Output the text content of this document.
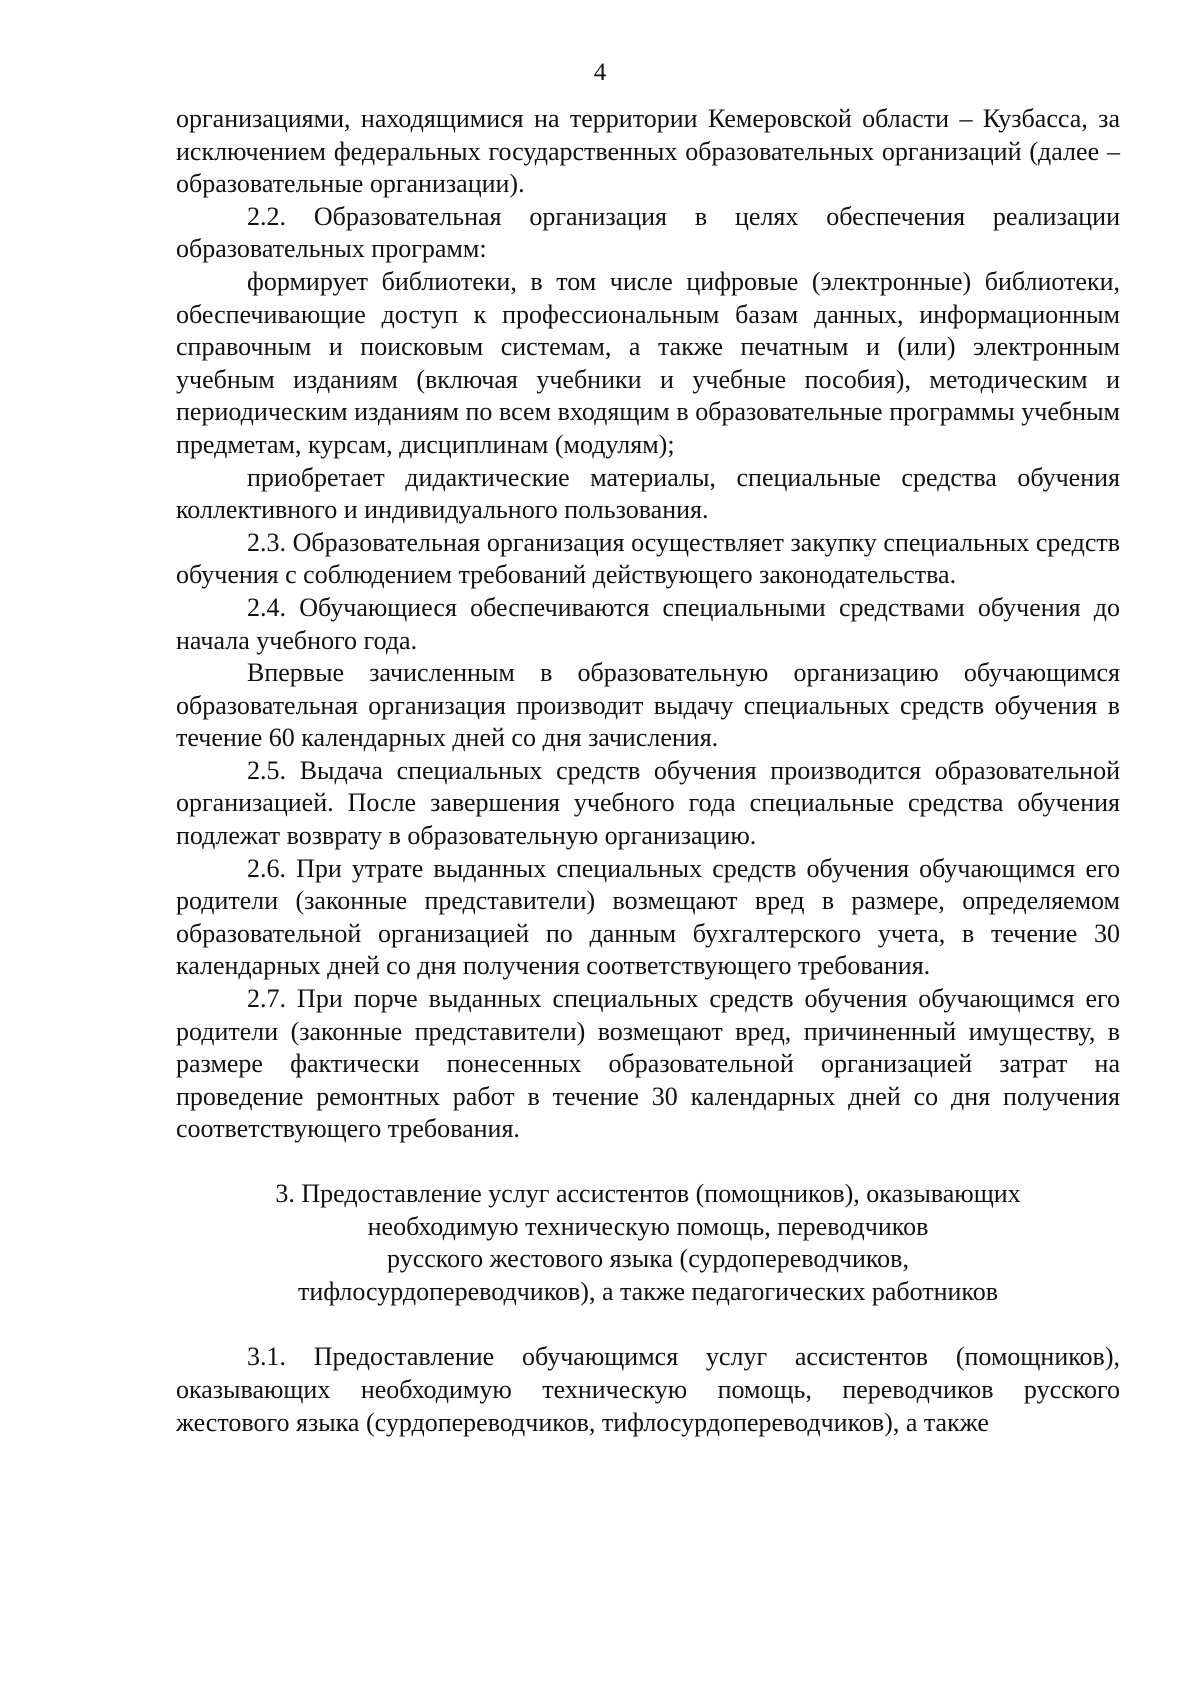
4

организациями, находящимися на территории Кемеровской области – Кузбасса, за исключением федеральных государственных образовательных организаций (далее – образовательные организации).

2.2. Образовательная организация в целях обеспечения реализации образовательных программ:

формирует библиотеки, в том числе цифровые (электронные) библиотеки, обеспечивающие доступ к профессиональным базам данных, информационным справочным и поисковым системам, а также печатным и (или) электронным учебным изданиям (включая учебники и учебные пособия), методическим и периодическим изданиям по всем входящим в образовательные программы учебным предметам, курсам, дисциплинам (модулям);

приобретает дидактические материалы, специальные средства обучения коллективного и индивидуального пользования.

2.3. Образовательная организация осуществляет закупку специальных средств обучения с соблюдением требований действующего законодательства.

2.4. Обучающиеся обеспечиваются специальными средствами обучения до начала учебного года.

Впервые зачисленным в образовательную организацию обучающимся образовательная организация производит выдачу специальных средств обучения в течение 60 календарных дней со дня зачисления.

2.5. Выдача специальных средств обучения производится образовательной организацией. После завершения учебного года специальные средства обучения подлежат возврату в образовательную организацию.

2.6. При утрате выданных специальных средств обучения обучающимся его родители (законные представители) возмещают вред в размере, определяемом образовательной организацией по данным бухгалтерского учета, в течение 30 календарных дней со дня получения соответствующего требования.

2.7. При порче выданных специальных средств обучения обучающимся его родители (законные представители) возмещают вред, причиненный имуществу, в размере фактически понесенных образовательной организацией затрат на проведение ремонтных работ в течение 30 календарных дней со дня получения соответствующего требования.

3. Предоставление услуг ассистентов (помощников), оказывающих
необходимую техническую помощь, переводчиков
русского жестового языка (сурдопереводчиков,
тифлосурдопереводчиков), а также педагогических работников

3.1. Предоставление обучающимся услуг ассистентов (помощников), оказывающих необходимую техническую помощь, переводчиков русского жестового языка (сурдопереводчиков, тифлосурдопереводчиков), а также
